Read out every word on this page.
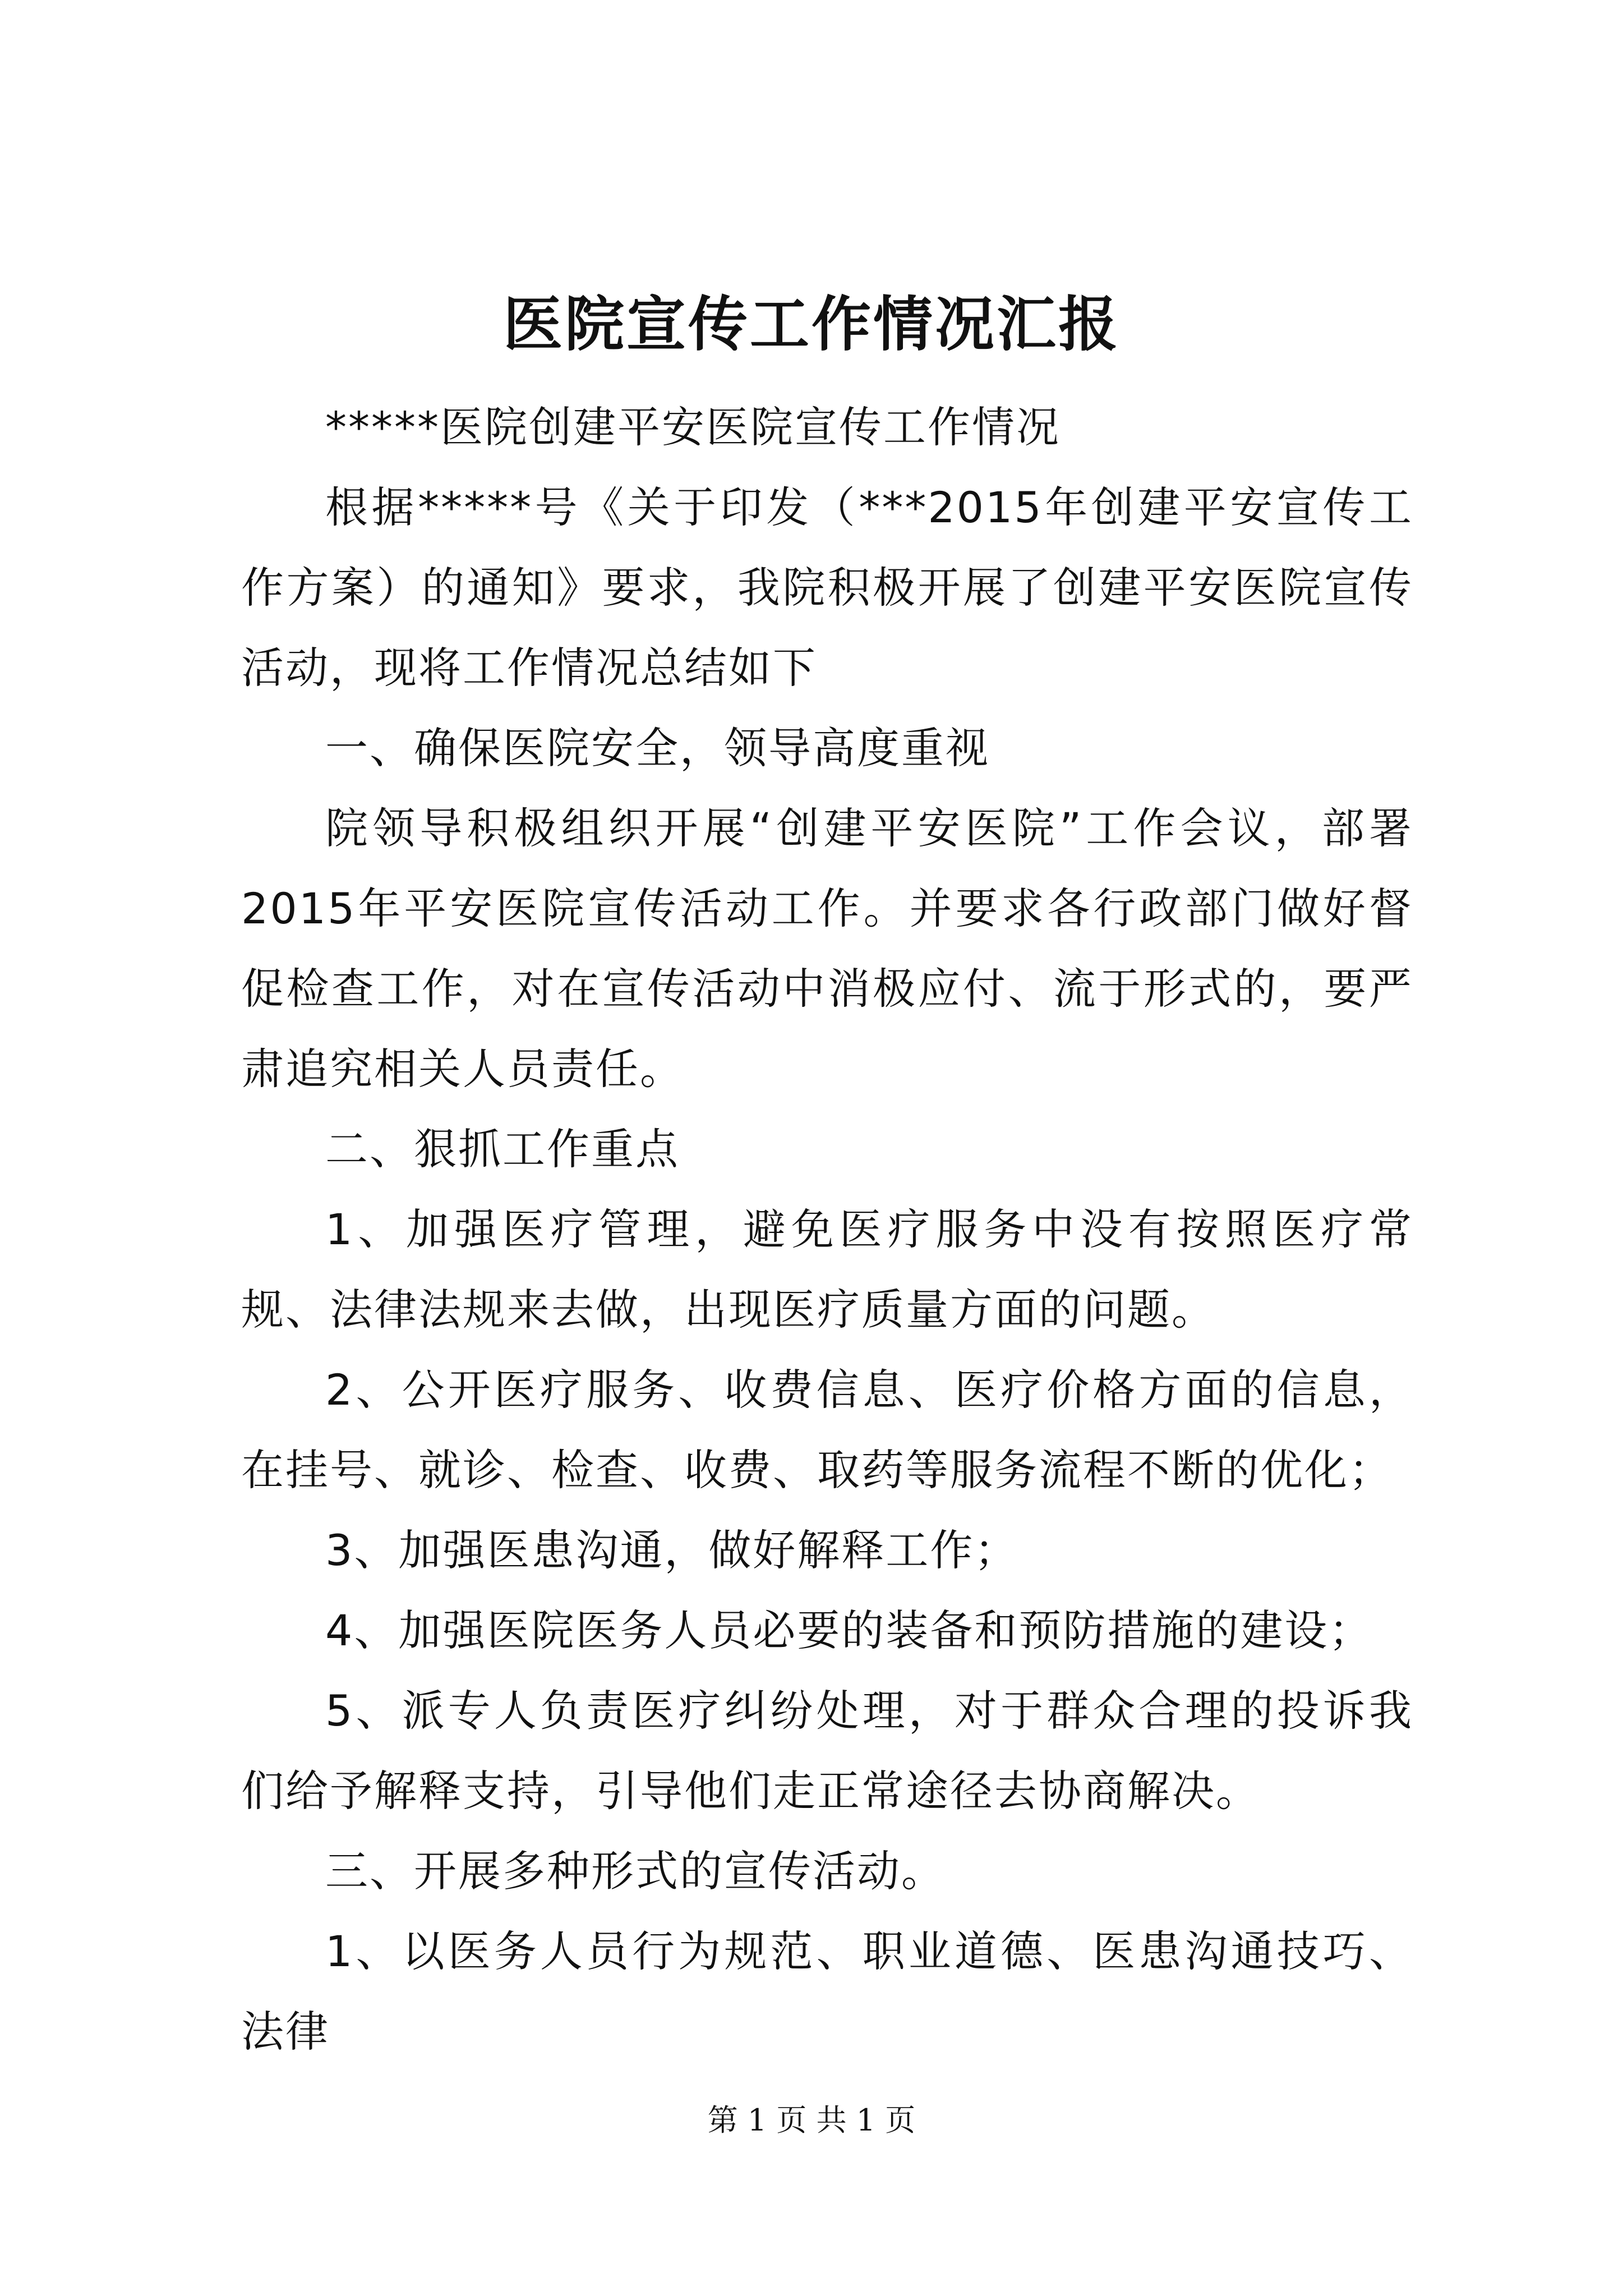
医院宣传工作情况汇报

*****医院创建平安医院宣传工作情况

根据*****号《关于印发（***2015年创建平安宣传工作方案）的通知》要求，我院积极开展了创建平安医院宣传活动，现将工作情况总结如下

一、确保医院安全，领导高度重视

院领导积极组织开展“创建平安医院”工作会议，部署2015年平安医院宣传活动工作。并要求各行政部门做好督促检查工作，对在宣传活动中消极应付、流于形式的，要严肃追究相关人员责任。

二、狠抓工作重点

1、加强医疗管理，避免医疗服务中没有按照医疗常规、法律法规来去做，出现医疗质量方面的问题。

2、公开医疗服务、收费信息、医疗价格方面的信息，在挂号、就诊、检查、收费、取药等服务流程不断的优化；

3、加强医患沟通，做好解释工作；

4、加强医院医务人员必要的装备和预防措施的建设；

5、派专人负责医疗纠纷处理，对于群众合理的投诉我们给予解释支持，引导他们走正常途径去协商解决。

三、开展多种形式的宣传活动。

1、以医务人员行为规范、职业道德、医患沟通技巧、法律

第 1 页 共 1 页
